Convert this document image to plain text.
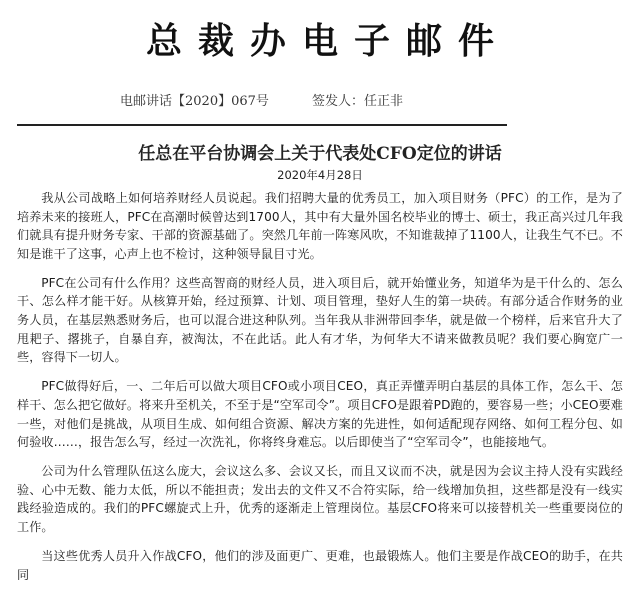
总裁办电子邮件
电邮讲话【2020】067号	签发人：任正非
任总在平台协调会上关于代表处CFO定位的讲话
2020年4月28日

我从公司战略上如何培养财经人员说起。我们招聘大量的优秀员工，加入项目财务（PFC）的工作，是为了培养未来的接班人，PFC在高潮时候曾达到1700人，其中有大量外国名校毕业的博士、硕士，我正高兴过几年我们就具有提升财务专家、干部的资源基础了。突然几年前一阵寒风吹，不知谁裁掉了1100人，让我生气不已。不知是谁干了这事，心声上也不检讨，这种领导鼠目寸光。

PFC在公司有什么作用？这些高智商的财经人员，进入项目后，就开始懂业务，知道华为是干什么的、怎么干、怎么样才能干好。从核算开始，经过预算、计划、项目管理，垫好人生的第一块砖。有部分适合作财务的业务人员，在基层熟悉财务后，也可以混合进这种队列。当年我从非洲带回李华，就是做一个榜样，后来官升大了甩耙子、撂挑子，自暴自弃，被淘汰，不在此话。此人有才华，为何华大不请来做教员呢？我们要心胸宽广一些，容得下一切人。

PFC做得好后，一、二年后可以做大项目CFO或小项目CEO，真正弄懂弄明白基层的具体工作，怎么干、怎样干、怎么把它做好。将来升至机关，不至于是“空军司令”。项目CFO是跟着PD跑的，要容易一些；小CEO要难一些，对他们是挑战，从项目生成、如何组合资源、解决方案的先进性，如何适配现存网络、如何工程分包、如何验收……，报告怎么写，经过一次洗礼，你将终身难忘。以后即使当了“空军司令”，也能接地气。

公司为什么管理队伍这么庞大，会议这么多、会议又长，而且又议而不决，就是因为会议主持人没有实践经验、心中无数、能力太低，所以不能担责；发出去的文件又不合符实际，给一线增加负担，这些都是没有一线实践经验造成的。我们的PFC螺旋式上升，优秀的逐渐走上管理岗位。基层CFO将来可以接替机关一些重要岗位的工作。

当这些优秀人员升入作战CFO，他们的涉及面更广、更难，也最锻炼人。他们主要是作战CEO的助手，在共同
